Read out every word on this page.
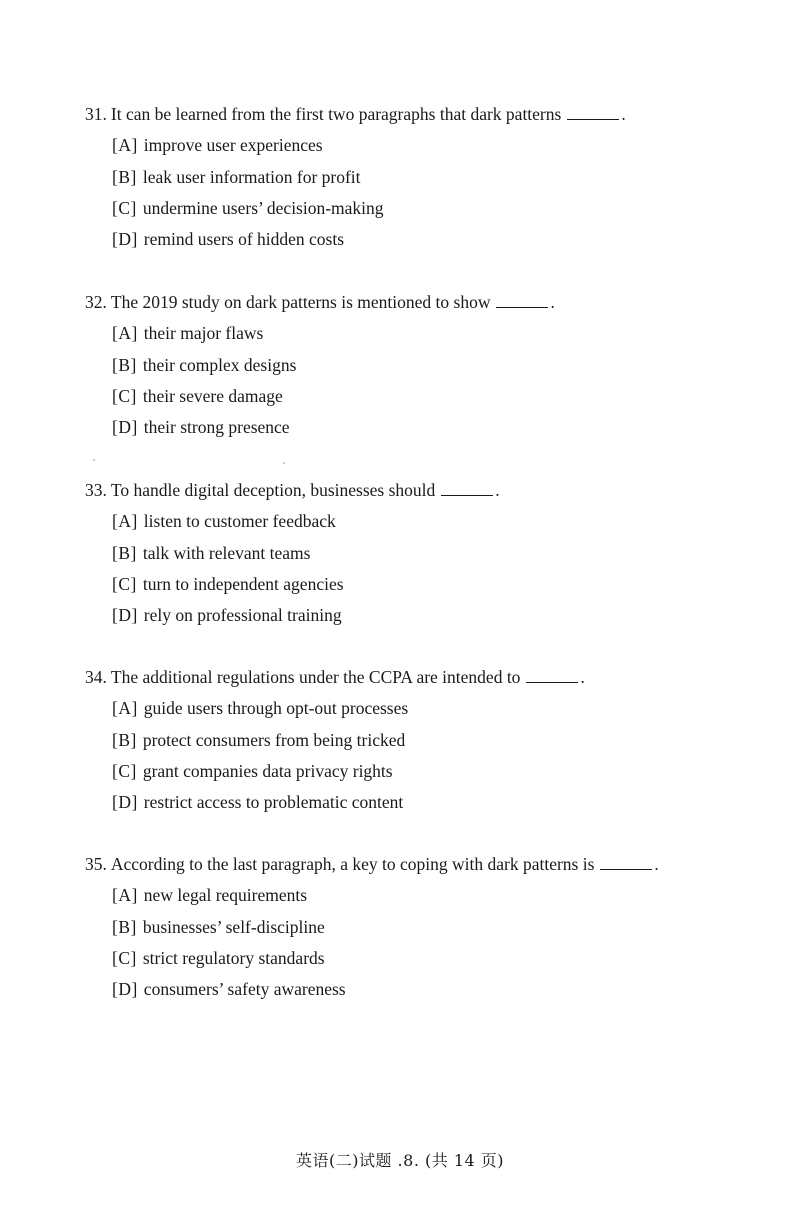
31. It can be learned from the first two paragraphs that dark patterns	.
[A] improve user experiences
[B] leak user information for profit
[C] undermine users’ decision-making
[D] remind users of hidden costs
32. The 2019 study on dark patterns is mentioned to show	.
[A] their major flaws
[B] their complex designs
[C] their severe damage
[D] their strong presence
33. To handle digital deception, businesses should	.
[A] listen to customer feedback
[B] talk with relevant teams
[C] turn to independent agencies
[D] rely on professional training
34. The additional regulations under the CCPA are intended to	.
[A] guide users through opt-out processes
[B] protect consumers from being tricked
[C] grant companies data privacy rights
[D] restrict access to problematic content
35. According to the last paragraph, a key to coping with dark patterns is	.
[A] new legal requirements
[B] businesses’ self-discipline
[C] strict regulatory standards
[D] consumers’ safety awareness
英语(二)试题 .8. (共 14 页)
